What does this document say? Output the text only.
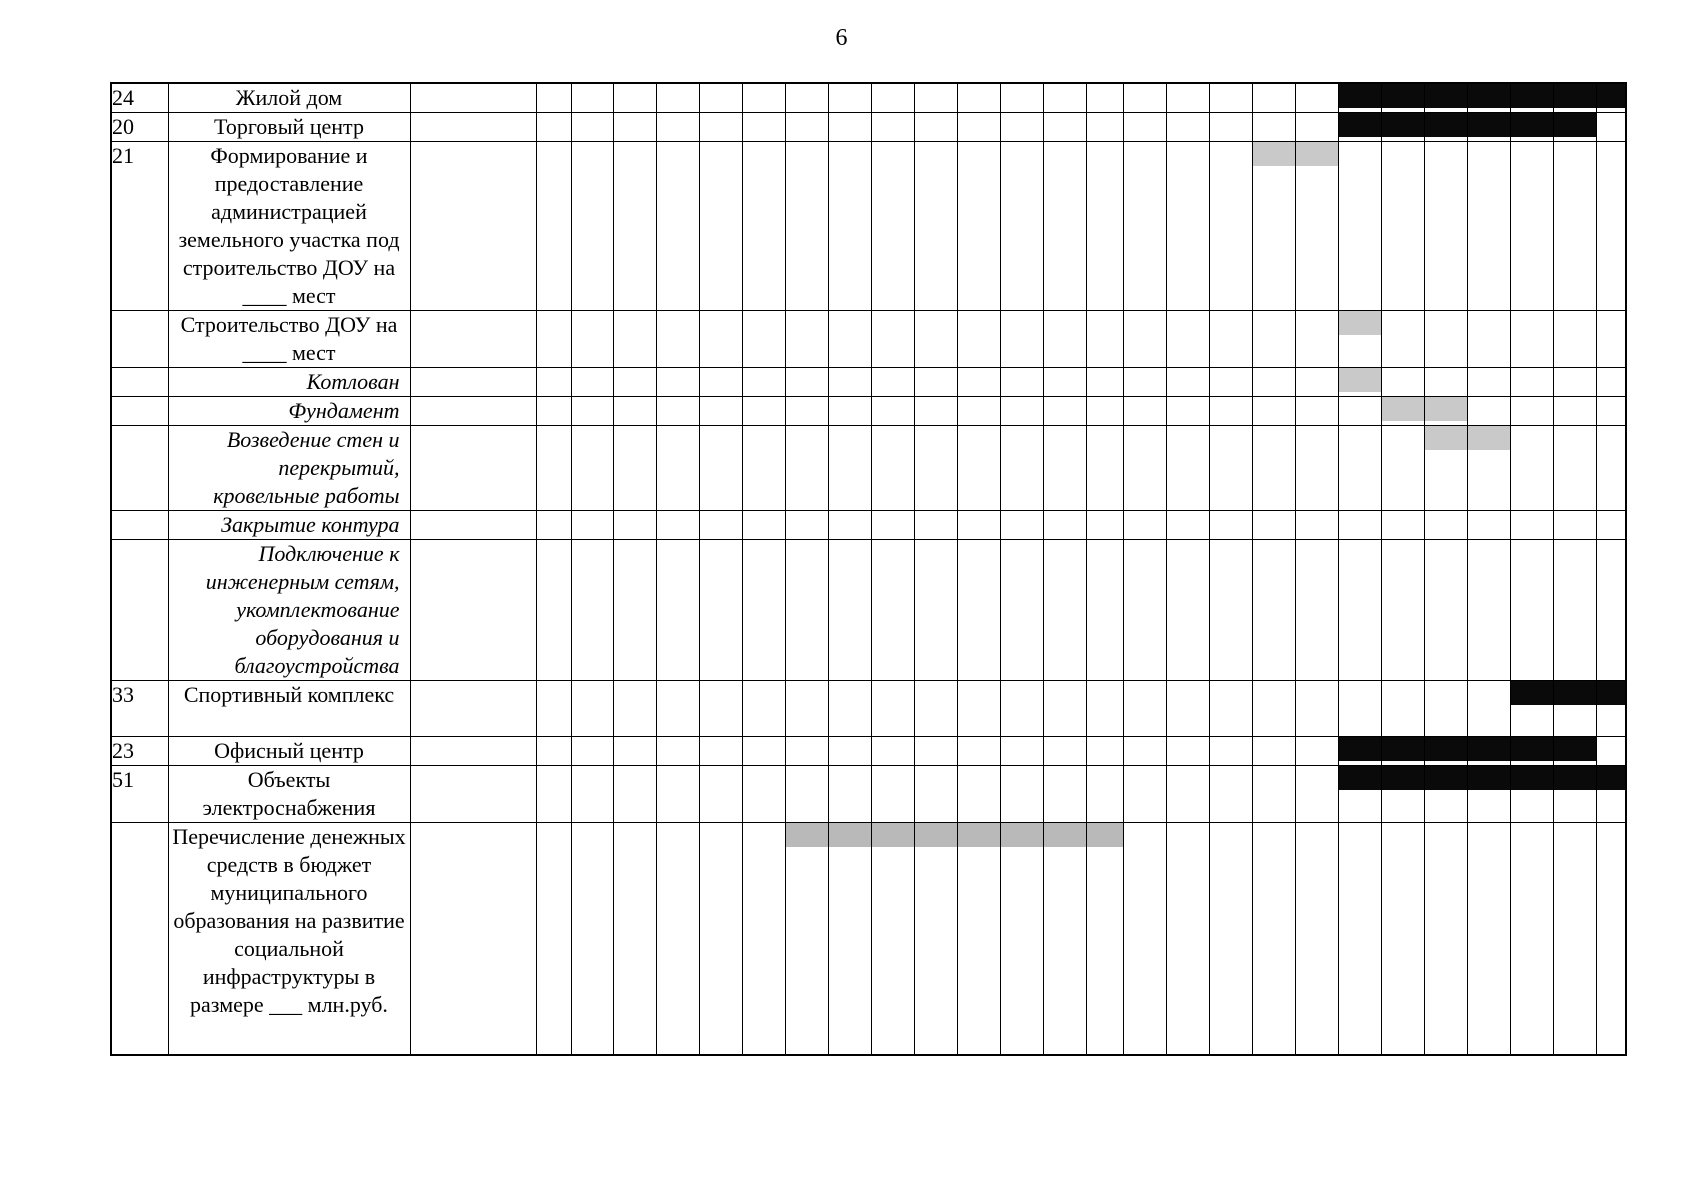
6
24	Жилой дом																					

20	Торговый центр																					

21	Формирование и предоставление администрацией земельного участка под строительство ДОУ на ____ мест																			

	Строительство ДОУ на ____ мест																					

	Котлован																					

	Фундамент																						

	Возведение стен и перекрытий, кровельные работы																							

	Закрытие контура																											
	Подключение к инженерным сетям, укомплектование оборудования и благоустройства																											
33	Спортивный комплекс																									

23	Офисный центр																					

51	Объекты электроснабжения																					

	Перечисление денежных средств в бюджет муниципального образования на развитие социальной инфраструктуры в размере ___ млн.руб.								
